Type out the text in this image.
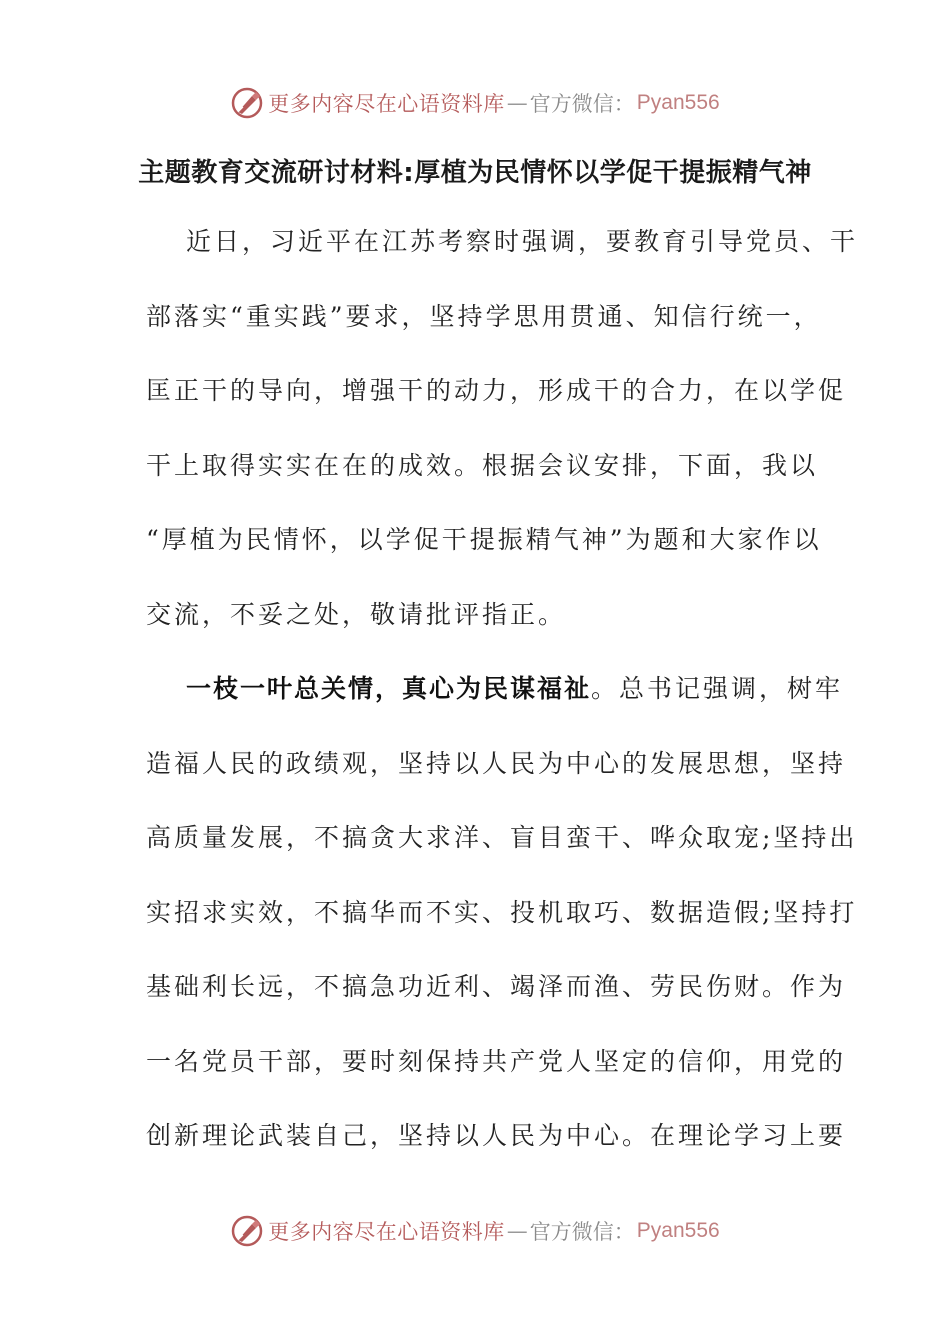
更多内容尽在心语资料库 — 官方微信： Pyan556
主题教育交流研讨材料:厚植为民情怀以学促干提振精气神
近日，习近平在江苏考察时强调，要教育引导党员、干
部落实“重实践”要求，坚持学思用贯通、知信行统一，
匡正干的导向，增强干的动力，形成干的合力，在以学促
干上取得实实在在的成效。根据会议安排，下面，我以
“厚植为民情怀，以学促干提振精气神”为题和大家作以
交流，不妥之处，敬请批评指正。
一枝一叶总关情，真心为民谋福祉。总书记强调，树牢
造福人民的政绩观，坚持以人民为中心的发展思想，坚持
高质量发展，不搞贪大求洋、盲目蛮干、哗众取宠;坚持出
实招求实效，不搞华而不实、投机取巧、数据造假;坚持打
基础利长远，不搞急功近利、竭泽而渔、劳民伤财。作为
一名党员干部，要时刻保持共产党人坚定的信仰，用党的
创新理论武装自己，坚持以人民为中心。在理论学习上要
更多内容尽在心语资料库 — 官方微信： Pyan556
